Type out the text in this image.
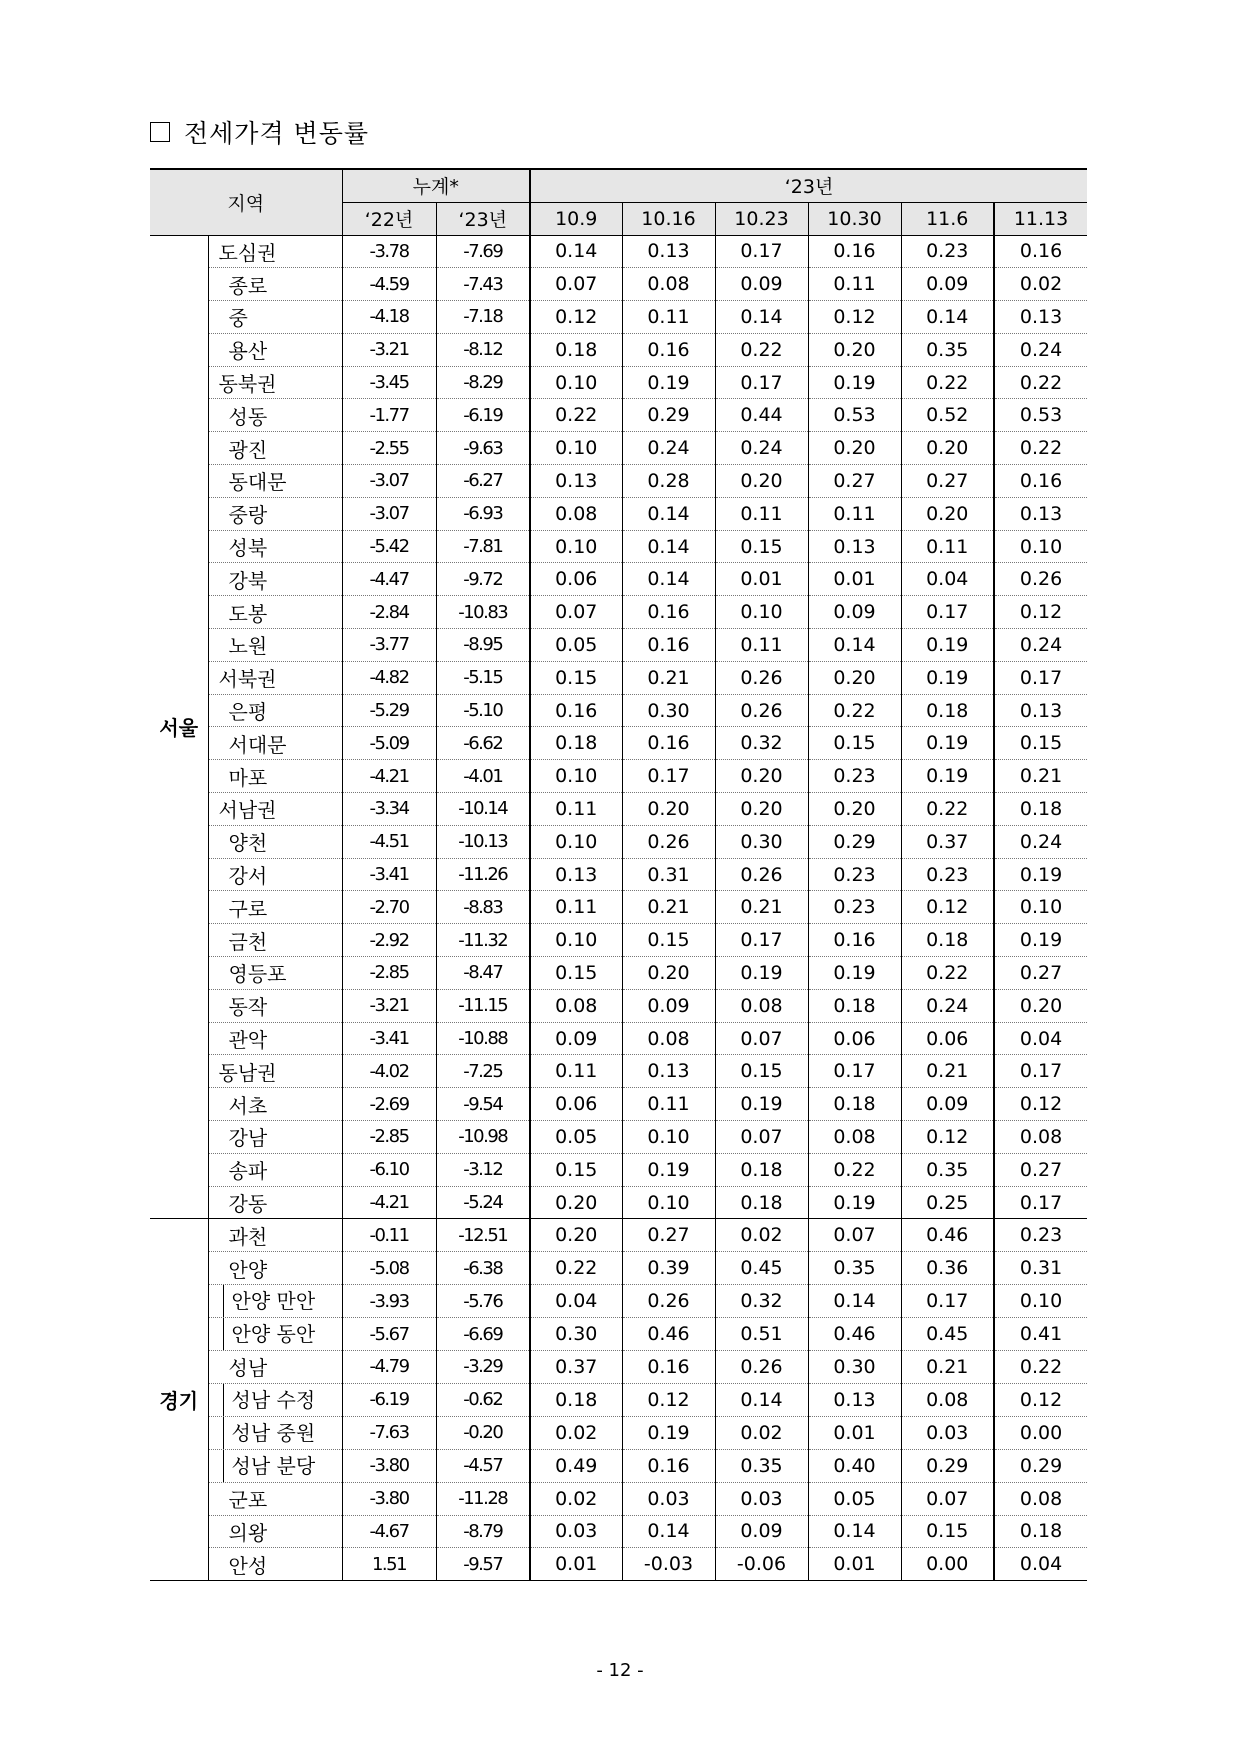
전세가격 변동률
지역		누계*		‘23년					
		‘22년	‘23년	10.9	10.16	10.23	10.30	11.6	11.13
서울	도심권	-3.78	-7.69	0.14	0.13	0.17	0.16	0.23	0.16
	종로	-4.59	-7.43	0.07	0.08	0.09	0.11	0.09	0.02
	중	-4.18	-7.18	0.12	0.11	0.14	0.12	0.14	0.13
	용산	-3.21	-8.12	0.18	0.16	0.22	0.20	0.35	0.24
	동북권	-3.45	-8.29	0.10	0.19	0.17	0.19	0.22	0.22
	성동	-1.77	-6.19	0.22	0.29	0.44	0.53	0.52	0.53
	광진	-2.55	-9.63	0.10	0.24	0.24	0.20	0.20	0.22
	동대문	-3.07	-6.27	0.13	0.28	0.20	0.27	0.27	0.16
	중랑	-3.07	-6.93	0.08	0.14	0.11	0.11	0.20	0.13
	성북	-5.42	-7.81	0.10	0.14	0.15	0.13	0.11	0.10
	강북	-4.47	-9.72	0.06	0.14	0.01	0.01	0.04	0.26
	도봉	-2.84	-10.83	0.07	0.16	0.10	0.09	0.17	0.12
	노원	-3.77	-8.95	0.05	0.16	0.11	0.14	0.19	0.24
	서북권	-4.82	-5.15	0.15	0.21	0.26	0.20	0.19	0.17
	은평	-5.29	-5.10	0.16	0.30	0.26	0.22	0.18	0.13
	서대문	-5.09	-6.62	0.18	0.16	0.32	0.15	0.19	0.15
	마포	-4.21	-4.01	0.10	0.17	0.20	0.23	0.19	0.21
	서남권	-3.34	-10.14	0.11	0.20	0.20	0.20	0.22	0.18
	양천	-4.51	-10.13	0.10	0.26	0.30	0.29	0.37	0.24
	강서	-3.41	-11.26	0.13	0.31	0.26	0.23	0.23	0.19
	구로	-2.70	-8.83	0.11	0.21	0.21	0.23	0.12	0.10
	금천	-2.92	-11.32	0.10	0.15	0.17	0.16	0.18	0.19
	영등포	-2.85	-8.47	0.15	0.20	0.19	0.19	0.22	0.27
	동작	-3.21	-11.15	0.08	0.09	0.08	0.18	0.24	0.20
	관악	-3.41	-10.88	0.09	0.08	0.07	0.06	0.06	0.04
	동남권	-4.02	-7.25	0.11	0.13	0.15	0.17	0.21	0.17
	서초	-2.69	-9.54	0.06	0.11	0.19	0.18	0.09	0.12
	강남	-2.85	-10.98	0.05	0.10	0.07	0.08	0.12	0.08
	송파	-6.10	-3.12	0.15	0.19	0.18	0.22	0.35	0.27
	강동	-4.21	-5.24	0.20	0.10	0.18	0.19	0.25	0.17
경기	과천	-0.11	-12.51	0.20	0.27	0.02	0.07	0.46	0.23
	안양	-5.08	-6.38	0.22	0.39	0.45	0.35	0.36	0.31
	안양 만안	-3.93	-5.76	0.04	0.26	0.32	0.14	0.17	0.10
	안양 동안	-5.67	-6.69	0.30	0.46	0.51	0.46	0.45	0.41
	성남	-4.79	-3.29	0.37	0.16	0.26	0.30	0.21	0.22
	성남 수정	-6.19	-0.62	0.18	0.12	0.14	0.13	0.08	0.12
	성남 중원	-7.63	-0.20	0.02	0.19	0.02	0.01	0.03	0.00
	성남 분당	-3.80	-4.57	0.49	0.16	0.35	0.40	0.29	0.29
	군포	-3.80	-11.28	0.02	0.03	0.03	0.05	0.07	0.08
	의왕	-4.67	-8.79	0.03	0.14	0.09	0.14	0.15	0.18
	안성	1.51	-9.57	0.01	-0.03	-0.06	0.01	0.00	0.04
- 12 -
